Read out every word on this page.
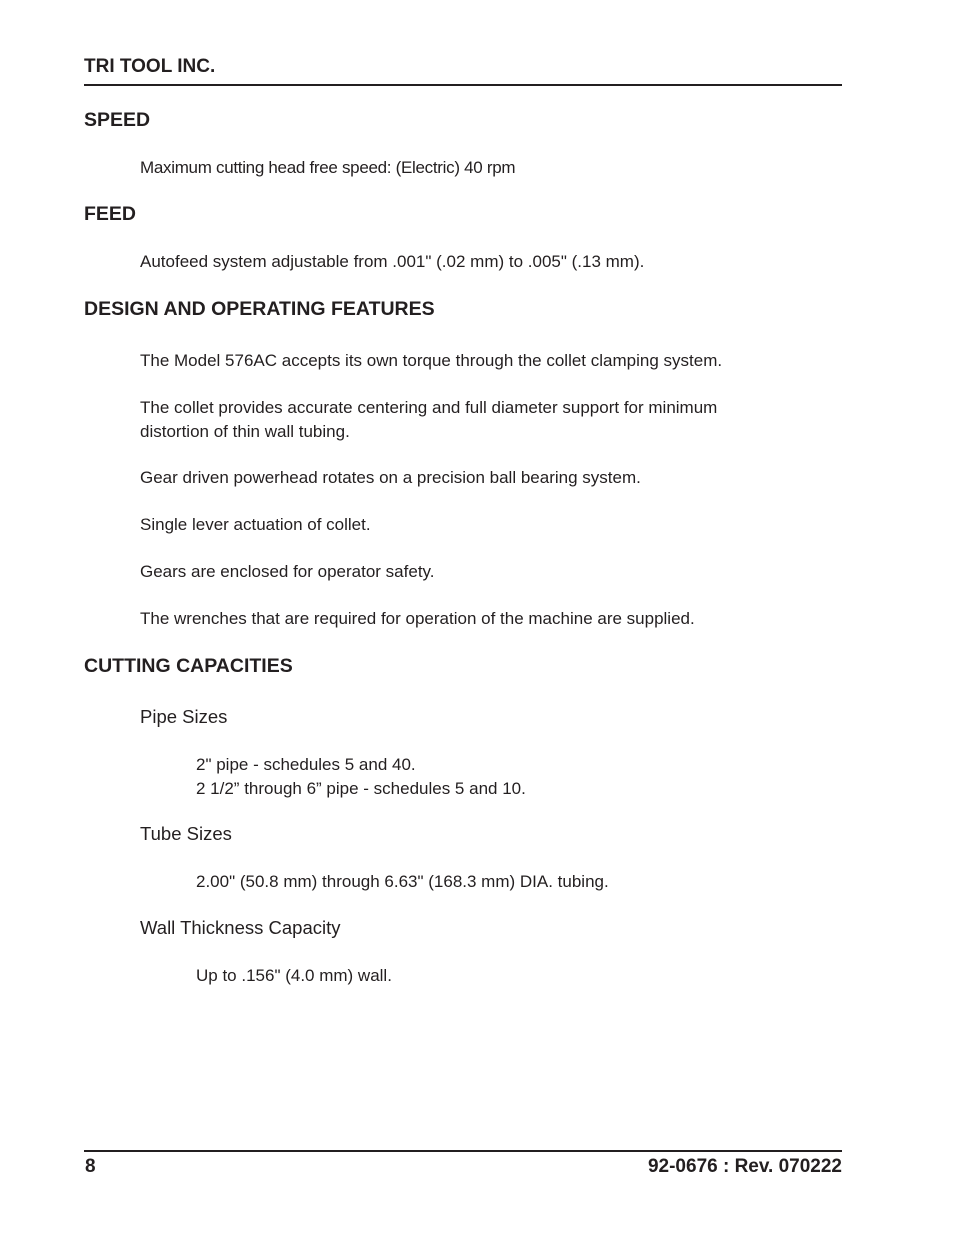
TRI TOOL INC.
SPEED
Maximum cutting head free speed: (Electric) 40 rpm
FEED
Autofeed system adjustable from .001" (.02 mm) to .005" (.13 mm).
DESIGN AND OPERATING FEATURES
The Model 576AC accepts its own torque through the collet clamping system.
The collet provides accurate centering and full diameter support for minimum
distortion of thin wall tubing.
Gear driven powerhead rotates on a precision ball bearing system.
Single lever actuation of collet.
Gears are enclosed for operator safety.
The wrenches that are required for operation of the machine are supplied.
CUTTING CAPACITIES
Pipe Sizes
2" pipe - schedules 5 and 40.
2 1/2” through 6” pipe - schedules 5 and 10.
Tube Sizes
2.00" (50.8 mm) through 6.63" (168.3 mm) DIA. tubing.
Wall Thickness Capacity
Up to .156" (4.0 mm) wall.
8	92-0676 : Rev. 070222
